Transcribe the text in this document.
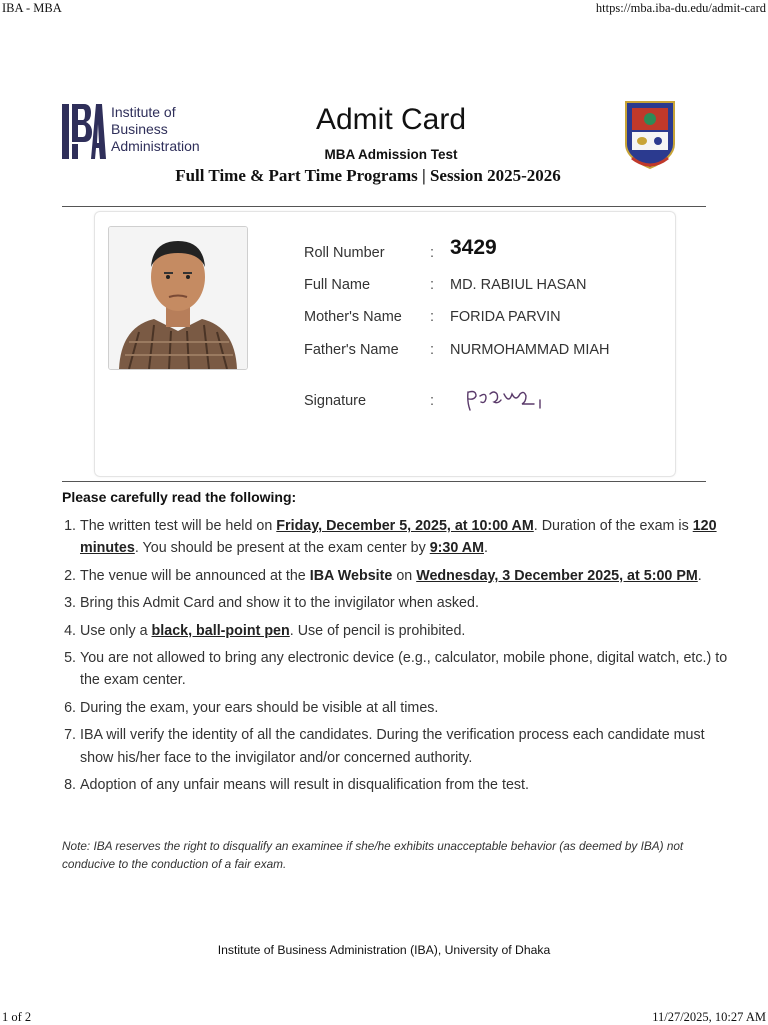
IBA - MBA	https://mba.iba-du.edu/admit-card
Institute of
Business
Administration
Admit Card
MBA Admission Test
Full Time & Part Time Programs | Session 2025-2026
Roll Number	: 3429
Full Name	: MD. RABIUL HASAN
Mother's Name : FORIDA PARVIN
Father's Name : NURMOHAMMAD MIAH
Signature	:
Please carefully read the following:
1. The written test will be held on Friday, December 5, 2025, at 10:00 AM. Duration of the exam is 120 minutes. You should be present at the exam center by 9:30 AM.
2. The venue will be announced at the IBA Website on Wednesday, 3 December 2025, at 5:00 PM.
3. Bring this Admit Card and show it to the invigilator when asked.
4. Use only a black, ball-point pen. Use of pencil is prohibited.
5. You are not allowed to bring any electronic device (e.g., calculator, mobile phone, digital watch, etc.) to the exam center.
6. During the exam, your ears should be visible at all times.
7. IBA will verify the identity of all the candidates. During the verification process each candidate must show his/her face to the invigilator and/or concerned authority.
8. Adoption of any unfair means will result in disqualification from the test.
Note: IBA reserves the right to disqualify an examinee if she/he exhibits unacceptable behavior (as deemed by IBA) not conducive to the conduction of a fair exam.
Institute of Business Administration (IBA), University of Dhaka
1 of 2	11/27/2025, 10:27 AM
